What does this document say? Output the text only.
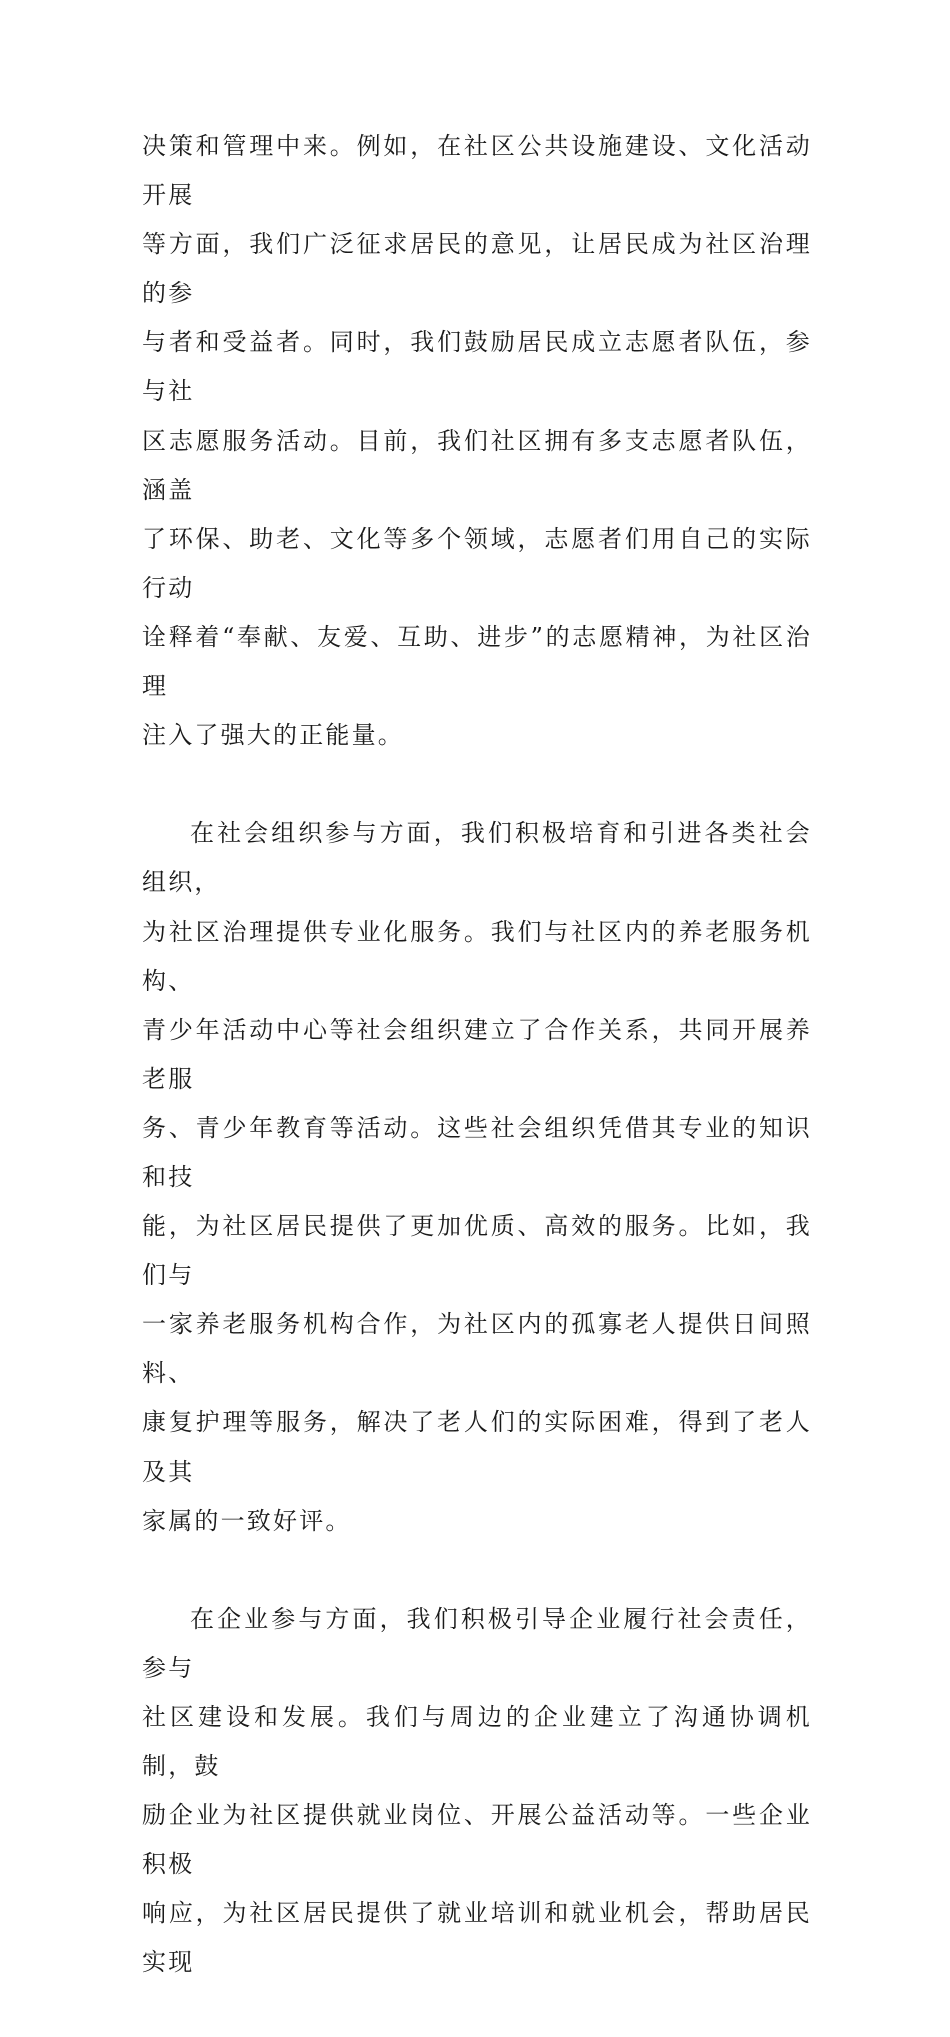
决策和管理中来。例如，在社区公共设施建设、文化活动开展
等方面，我们广泛征求居民的意见，让居民成为社区治理的参
与者和受益者。同时，我们鼓励居民成立志愿者队伍，参与社
区志愿服务活动。目前，我们社区拥有多支志愿者队伍，涵盖
了环保、助老、文化等多个领域，志愿者们用自己的实际行动
诠释着“奉献、友爱、互助、进步”的志愿精神，为社区治理
注入了强大的正能量。

在社会组织参与方面，我们积极培育和引进各类社会组织，
为社区治理提供专业化服务。我们与社区内的养老服务机构、
青少年活动中心等社会组织建立了合作关系，共同开展养老服
务、青少年教育等活动。这些社会组织凭借其专业的知识和技
能，为社区居民提供了更加优质、高效的服务。比如，我们与
一家养老服务机构合作，为社区内的孤寡老人提供日间照料、
康复护理等服务，解决了老人们的实际困难，得到了老人及其
家属的一致好评。

在企业参与方面，我们积极引导企业履行社会责任，参与
社区建设和发展。我们与周边的企业建立了沟通协调机制，鼓
励企业为社区提供就业岗位、开展公益活动等。一些企业积极
响应，为社区居民提供了就业培训和就业机会，帮助居民实现
